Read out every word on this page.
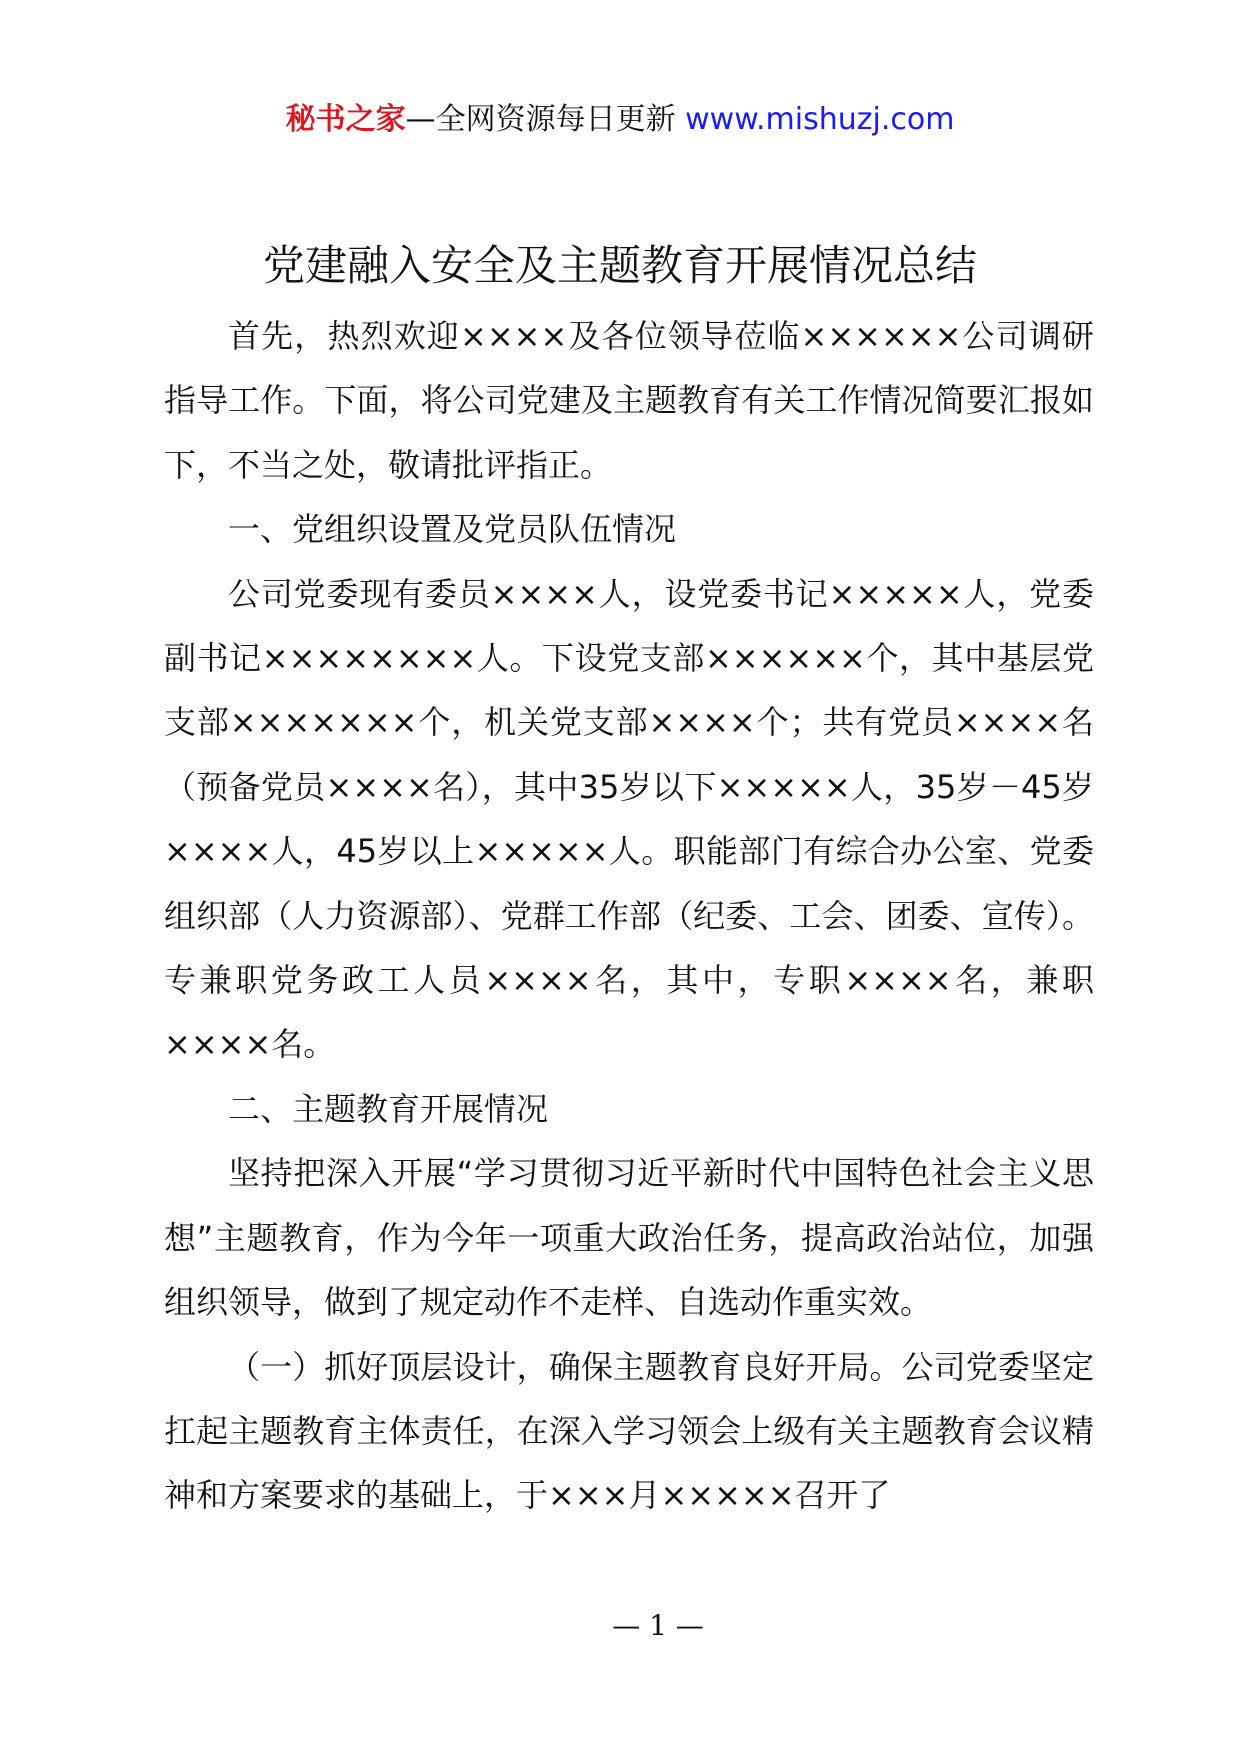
秘书之家—全网资源每日更新 www.mishuzj.com
党建融入安全及主题教育开展情况总结

首先，热烈欢迎××××及各位领导莅临××××××公司调研指导工作。下面，将公司党建及主题教育有关工作情况简要汇报如下，不当之处，敬请批评指正。

一、党组织设置及党员队伍情况

公司党委现有委员××××人，设党委书记×××××人，党委副书记××××××××人。下设党支部××××××个，其中基层党支部×××××××个，机关党支部××××个；共有党员××××名（预备党员××××名），其中35岁以下×××××人，35岁－45岁××××人，45岁以上×××××人。职能部门有综合办公室、党委组织部（人力资源部）、党群工作部（纪委、工会、团委、宣传）。专兼职党务政工人员××××名，其中，专职××××名，兼职××××名。

二、主题教育开展情况

坚持把深入开展“学习贯彻习近平新时代中国特色社会主义思想”主题教育，作为今年一项重大政治任务，提高政治站位，加强组织领导，做到了规定动作不走样、自选动作重实效。

（一）抓好顶层设计，确保主题教育良好开局。公司党委坚定扛起主题教育主体责任，在深入学习领会上级有关主题教育会议精神和方案要求的基础上，于×××月×××××召开了

— 1 —
